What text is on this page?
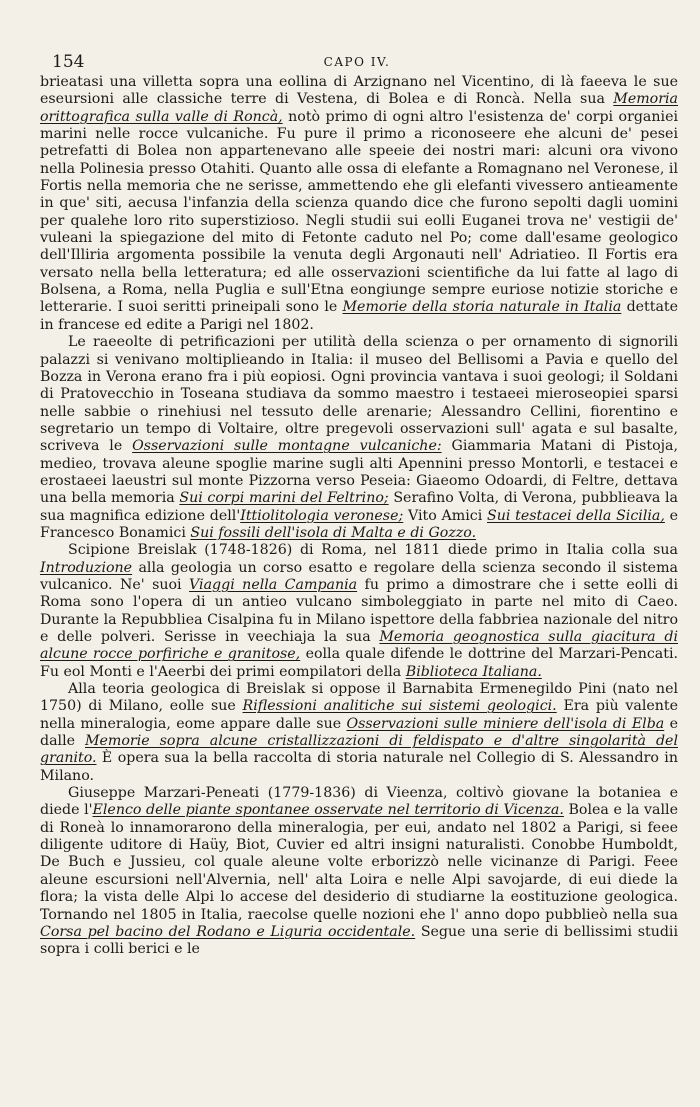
154	CAPO IV.

brieatasi una villetta sopra una eollina di Arzignano nel Vicentino, di là faeeva le sue eseursioni alle classiche terre di Vestena, di Bolea e di Roncà. Nella sua Memoria orittografica sulla valle di Roncà, notò primo di ogni altro l'esistenza de' corpi organiei marini nelle rocce vulcaniche. Fu pure il primo a riconoseere ehe alcuni de' pesei petrefatti di Bolea non appartenevano alle speeie dei nostri mari: alcuni ora vivono nella Polinesia presso Otahiti. Quanto alle ossa di elefante a Romagnano nel Veronese, il Fortis nella memoria che ne serisse, ammettendo ehe gli elefanti vivessero antieamente in que' siti, aecusa l'infanzia della scienza quando dice che furono sepolti dagli uomini per qualehe loro rito superstizioso. Negli studii sui eolli Euganei trova ne' vestigii de' vuleani la spiegazione del mito di Fetonte caduto nel Po; come dall'esame geologico dell'Illiria argomenta possibile la venuta degli Argonauti nell' Adriatieo. Il Fortis era versato nella bella letteratura; ed alle osservazioni scientifiche da lui fatte al lago di Bolsena, a Roma, nella Puglia e sull'Etna eongiunge sempre euriose notizie storiche e letterarie. I suoi seritti prineipali sono le Memorie della storia naturale in Italia dettate in francese ed edite a Parigi nel 1802.

Le raeeolte di petrificazioni per utilità della scienza o per ornamento di signorili palazzi si venivano moltiplieando in Italia: il museo del Bellisomi a Pavia e quello del Bozza in Verona erano fra i più eopiosi. Ogni provincia vantava i suoi geologi; il Soldani di Pratovecchio in Toseana studiava da sommo maestro i testaeei mieroseopiei sparsi nelle sabbie o rinehiusi nel tessuto delle arenarie; Alessandro Cellini, fiorentino e segretario un tempo di Voltaire, oltre pregevoli osservazioni sull' agata e sul basalte, scriveva le Osservazioni sulle montagne vulcaniche: Giammaria Matani di Pistoja, medieo, trovava aleune spoglie marine sugli alti Apennini presso Montorli, e testacei e erostaeei laeustri sul monte Pizzorna verso Peseia: Giaeomo Odoardi, di Feltre, dettava una bella memoria Sui corpi marini del Feltrino; Serafino Volta, di Verona, pubblieava la sua magnifica edizione dell'Ittiolitologia veronese; Vito Amici Sui testacei della Sicilia, e Francesco Bonamici Sui fossili dell'isola di Malta e di Gozzo.

Scipione Breislak (1748-1826) di Roma, nel 1811 diede primo in Italia colla sua Introduzione alla geologia un corso esatto e regolare della scienza secondo il sistema vulcanico. Ne' suoi Viaggi nella Campania fu primo a dimostrare che i sette eolli di Roma sono l'opera di un antieo vulcano simboleggiato in parte nel mito di Caeo. Durante la Repubbliea Cisalpina fu in Milano ispettore della fabbriea nazionale del nitro e delle polveri. Serisse in veechiaja la sua Memoria geognostica sulla giacitura di alcune rocce porfiriche e granitose, eolla quale difende le dottrine del Marzari-Pencati. Fu eol Monti e l'Aeerbi dei primi eompilatori della Biblioteca Italiana.

Alla teoria geologica di Breislak si oppose il Barnabita Ermenegildo Pini (nato nel 1750) di Milano, eolle sue Riflessioni analitiche sui sistemi geologici. Era più valente nella mineralogia, eome appare dalle sue Osservazioni sulle miniere dell'isola di Elba e dalle Memorie sopra alcune cristallizzazioni di feldispato e d'altre singolarità del granito. È opera sua la bella raccolta di storia naturale nel Collegio di S. Alessandro in Milano.

Giuseppe Marzari-Peneati (1779-1836) di Vieenza, coltivò giovane la botaniea e diede l'Elenco delle piante spontanee osservate nel territorio di Vicenza. Bolea e la valle di Roneà lo innamorarono della mineralogia, per eui, andato nel 1802 a Parigi, si feee diligente uditore di Haüy, Biot, Cuvier ed altri insigni naturalisti. Conobbe Humboldt, De Buch e Jussieu, col quale aleune volte erborizzò nelle vicinanze di Parigi. Feee aleune escursioni nell'Alvernia, nell' alta Loira e nelle Alpi savojarde, di eui diede la flora; la vista delle Alpi lo accese del desiderio di studiarne la eostituzione geologica. Tornando nel 1805 in Italia, raecolse quelle nozioni ehe l' anno dopo pubblieò nella sua Corsa pel bacino del Rodano e Liguria occidentale. Segue una serie di bellissimi studii sopra i colli berici e le
